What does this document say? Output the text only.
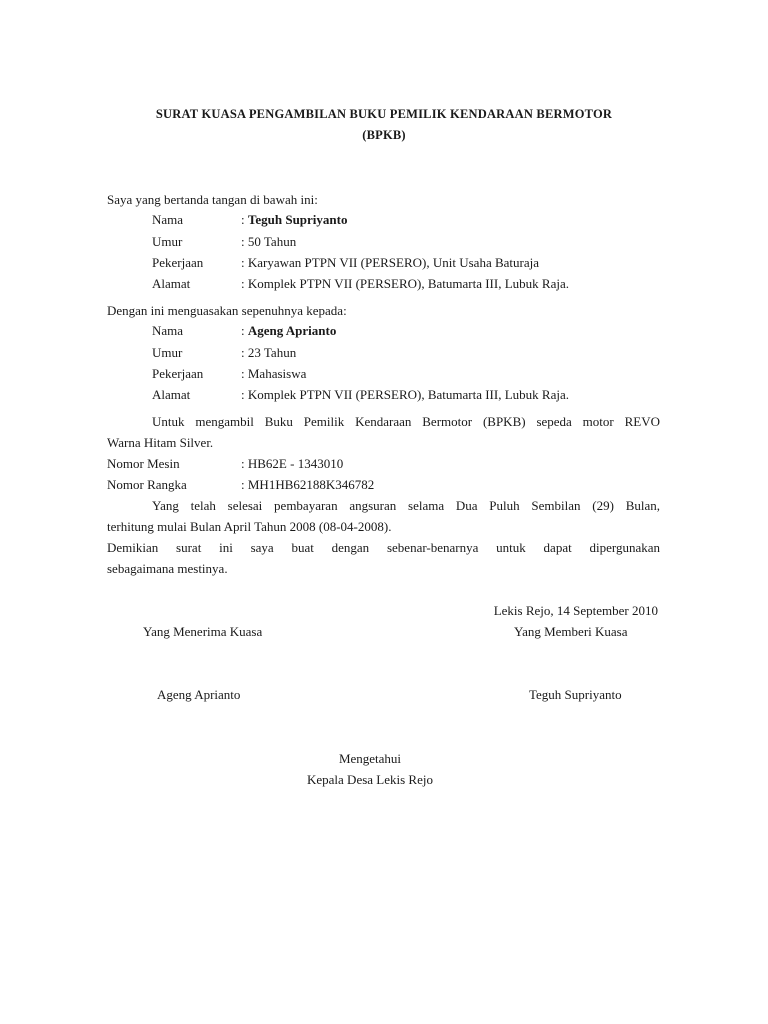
SURAT KUASA PENGAMBILAN BUKU PEMILIK KENDARAAN BERMOTOR
(BPKB)
Saya yang bertanda tangan di bawah ini:
Nama	: Teguh Supriyanto
Umur	: 50 Tahun
Pekerjaan	: Karyawan PTPN VII (PERSERO), Unit Usaha Baturaja
Alamat	: Komplek PTPN VII (PERSERO), Batumarta III, Lubuk Raja.
Dengan ini menguasakan sepenuhnya kepada:
Nama	: Ageng Aprianto
Umur	: 23 Tahun
Pekerjaan	: Mahasiswa
Alamat	: Komplek PTPN VII (PERSERO), Batumarta III, Lubuk Raja.
Untuk mengambil Buku Pemilik Kendaraan Bermotor (BPKB) sepeda motor REVO
Warna Hitam Silver.
Nomor Mesin	: HB62E - 1343010
Nomor Rangka	: MH1HB62188K346782
Yang telah selesai pembayaran angsuran selama Dua Puluh Sembilan (29) Bulan,
terhitung mulai Bulan April Tahun 2008 (08-04-2008).
Demikian surat ini saya buat dengan sebenar-benarnya untuk dapat dipergunakan
sebagaimana mestinya.
Lekis Rejo, 14 September 2010
Yang Menerima Kuasa	Yang Memberi Kuasa
Ageng Aprianto	Teguh Supriyanto
Mengetahui
Kepala Desa Lekis Rejo
